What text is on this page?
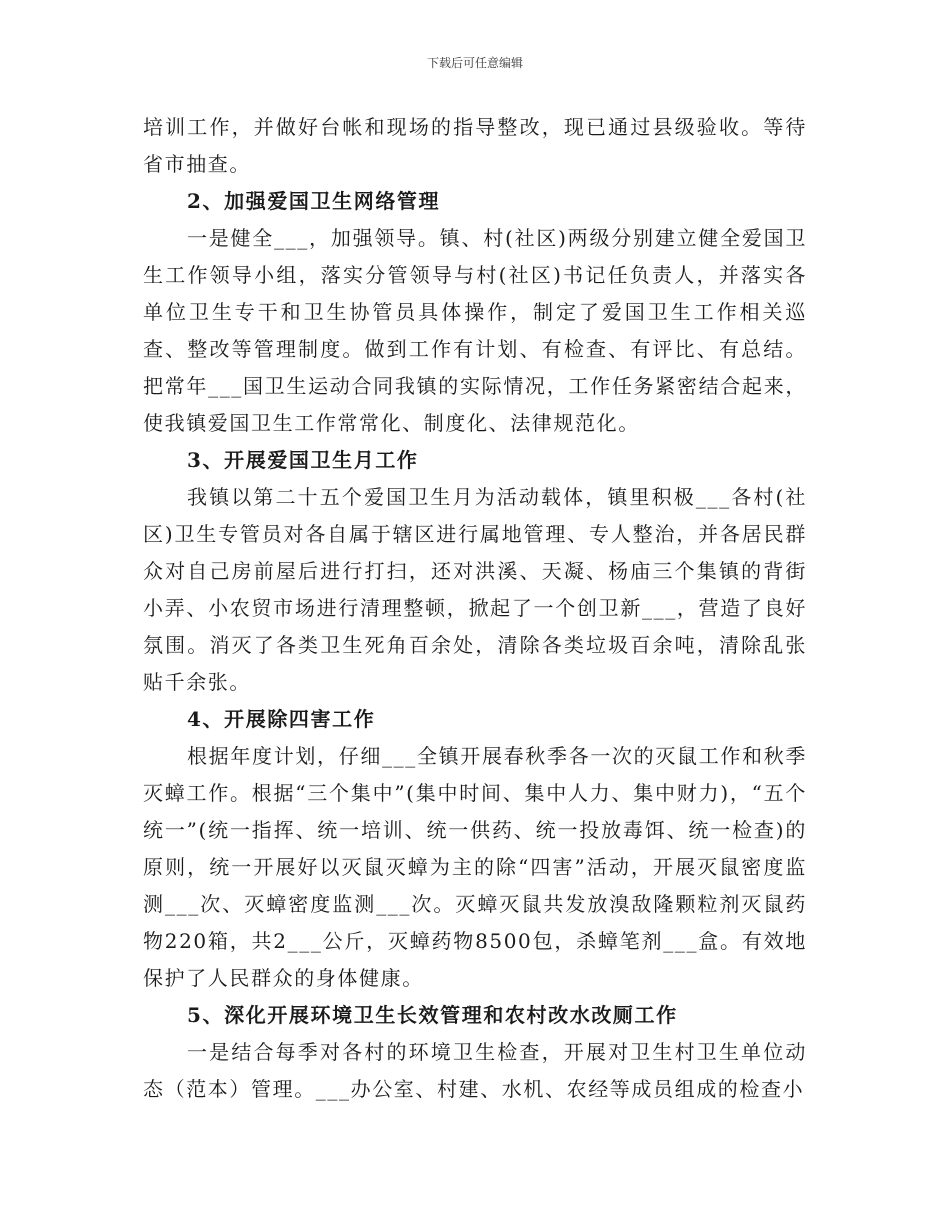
下载后可任意编辑

培训工作，并做好台帐和现场的指导整改，现已通过县级验收。等待省市抽查。

2、加强爱国卫生网络管理

一是健全___，加强领导。镇、村(社区)两级分别建立健全爱国卫生工作领导小组，落实分管领导与村(社区)书记任负责人，并落实各单位卫生专干和卫生协管员具体操作，制定了爱国卫生工作相关巡查、整改等管理制度。做到工作有计划、有检查、有评比、有总结。把常年___国卫生运动合同我镇的实际情况，工作任务紧密结合起来，使我镇爱国卫生工作常常化、制度化、法律规范化。

3、开展爱国卫生月工作

我镇以第二十五个爱国卫生月为活动载体，镇里积极___各村(社区)卫生专管员对各自属于辖区进行属地管理、专人整治，并各居民群众对自己房前屋后进行打扫，还对洪溪、天凝、杨庙三个集镇的背街小弄、小农贸市场进行清理整顿，掀起了一个创卫新___，营造了良好氛围。消灭了各类卫生死角百余处，清除各类垃圾百余吨，清除乱张贴千余张。

4、开展除四害工作

根据年度计划，仔细___全镇开展春秋季各一次的灭鼠工作和秋季灭蟑工作。根据“三个集中”(集中时间、集中人力、集中财力)，“五个统一”(统一指挥、统一培训、统一供药、统一投放毒饵、统一检查)的原则，统一开展好以灭鼠灭蟑为主的除“四害”活动，开展灭鼠密度监测___次、灭蟑密度监测___次。灭蟑灭鼠共发放溴敌隆颗粒剂灭鼠药物220箱，共2___公斤，灭蟑药物8500包，杀蟑笔剂___盒。有效地保护了人民群众的身体健康。

5、深化开展环境卫生长效管理和农村改水改厕工作

一是结合每季对各村的环境卫生检查，开展对卫生村卫生单位动态（范本）管理。___办公室、村建、水机、农经等成员组成的检查小
